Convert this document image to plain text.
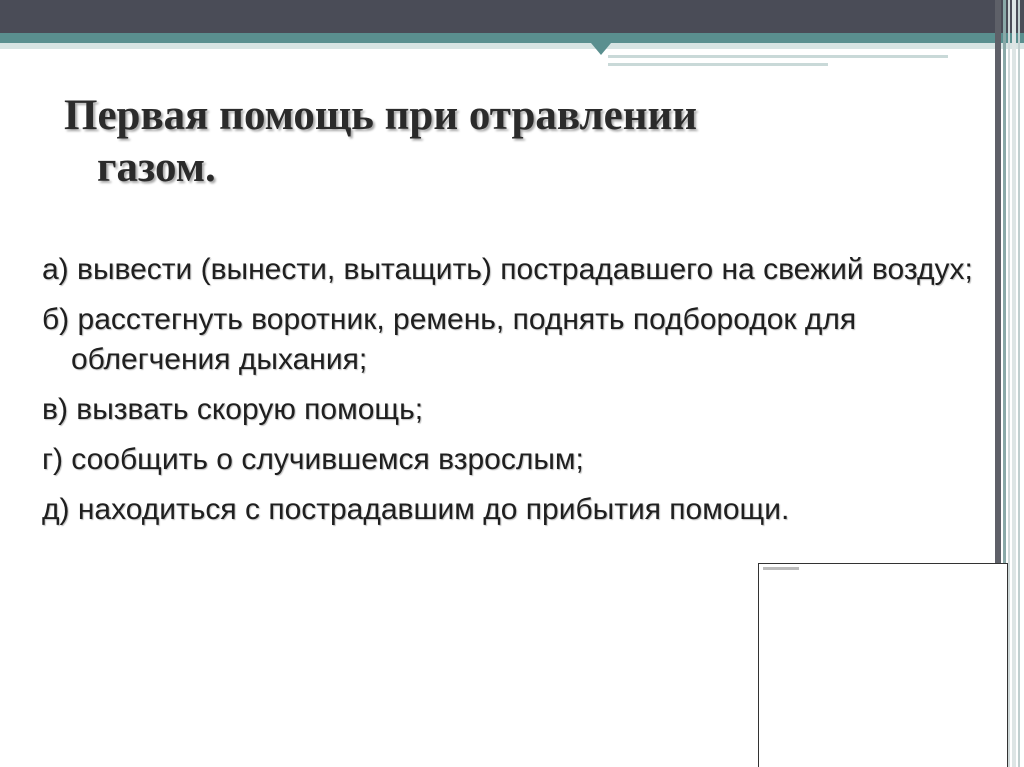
Первая помощь при отравлении
газом.
а) вывести (вынести, вытащить) пострадавшего на свежий воздух;
б) расстегнуть воротник, ремень, поднять подбородок для облегчения дыхания;
в) вызвать скорую помощь;
г) сообщить о случившемся взрослым;
д) находиться с пострадавшим до прибытия помощи.
